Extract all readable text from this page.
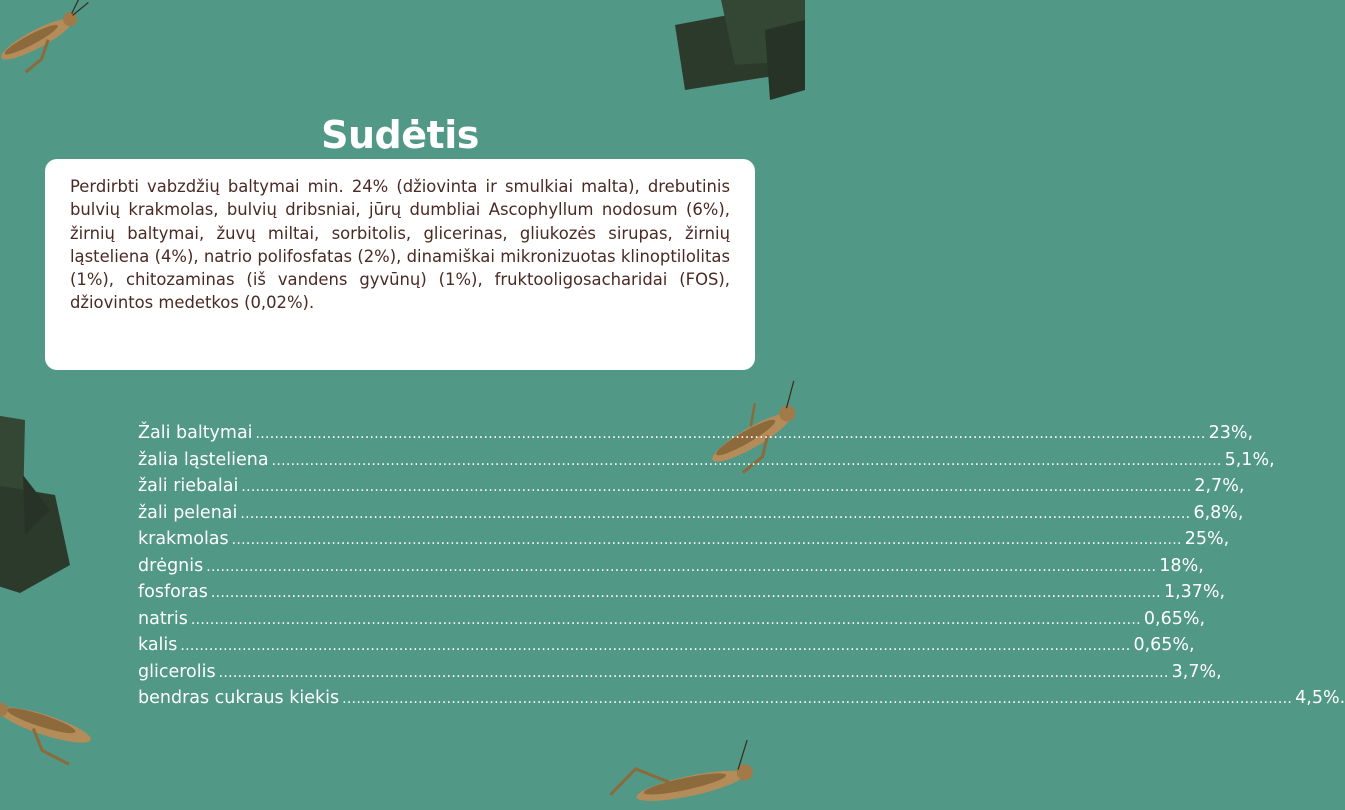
Sudėtis

Perdirbti vabzdžių baltymai min. 24% (džiovinta ir smulkiai malta), drebutinis bulvių krakmolas, bulvių dribsniai, jūrų dumbliai Ascophyllum nodosum (6%), žirnių baltymai, žuvų miltai, sorbitolis, glicerinas, gliukozės sirupas, žirnių ląsteliena (4%), natrio polifosfatas (2%), dinamiškai mikronizuotas klinoptilolitas (1%), chitozaminas (iš vandens gyvūnų) (1%), fruktooligosacharidai (FOS), džiovintos medetkos (0,02%).

Žali baltymai ........................................................................................................................................................................................................ 23%,
žalia ląsteliena ........................................................................................................................................................................................................ 5,1%,
žali riebalai ........................................................................................................................................................................................................ 2,7%,
žali pelenai ........................................................................................................................................................................................................ 6,8%,
krakmolas ........................................................................................................................................................................................................ 25%,
drėgnis ........................................................................................................................................................................................................ 18%,
fosforas ........................................................................................................................................................................................................ 1,37%,
natris ........................................................................................................................................................................................................ 0,65%,
kalis ........................................................................................................................................................................................................ 0,65%,
glicerolis ........................................................................................................................................................................................................ 3,7%,
bendras cukraus kiekis ........................................................................................................................................................................................................ 4,5%.
